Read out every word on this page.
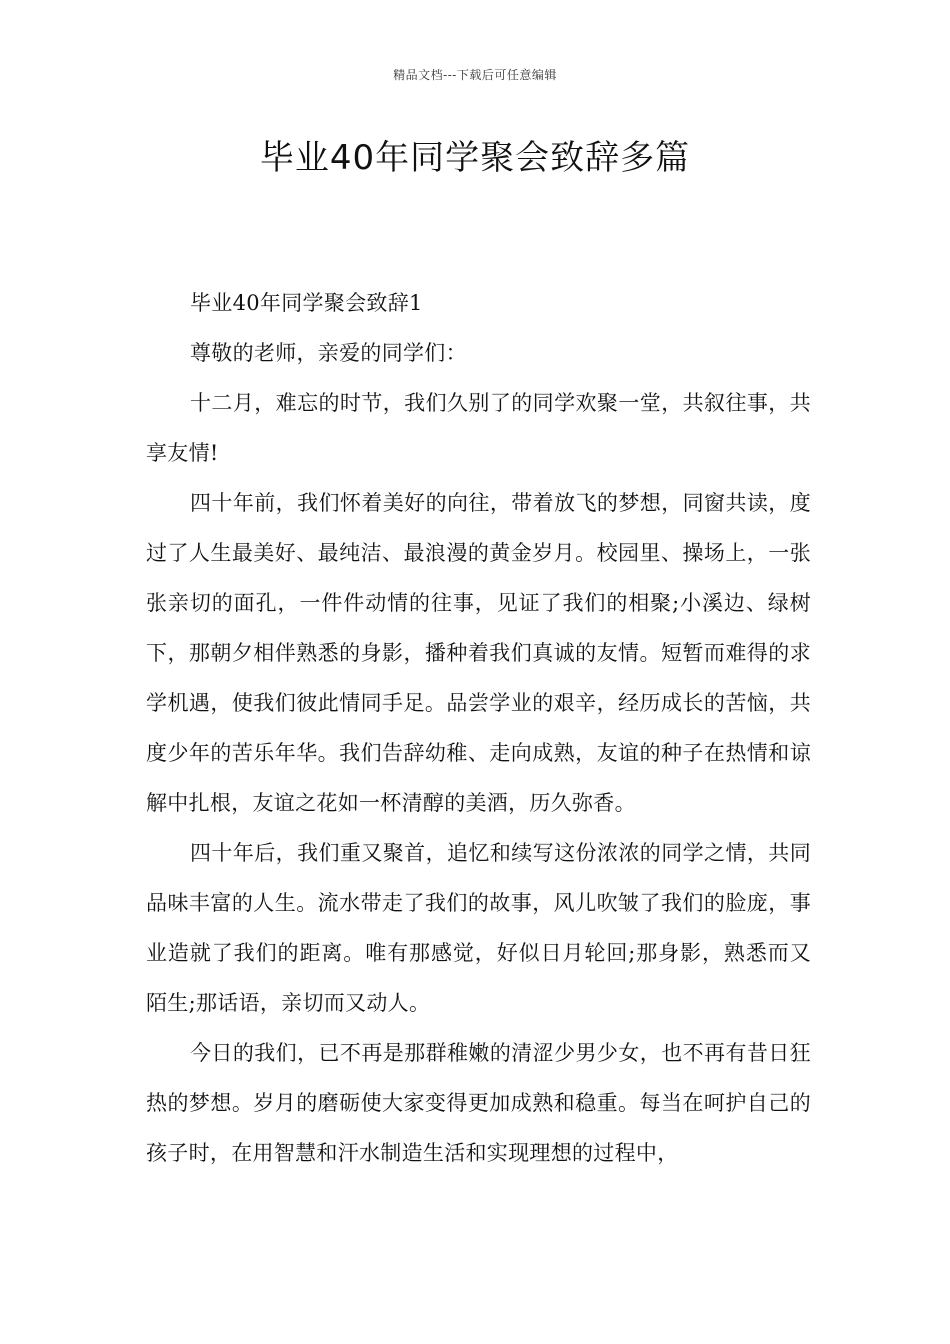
精品文档---下载后可任意编辑
毕业40年同学聚会致辞多篇

毕业40年同学聚会致辞1

尊敬的老师，亲爱的同学们：

十二月，难忘的时节，我们久别了的同学欢聚一堂，共叙往事，共享友情!

四十年前，我们怀着美好的向往，带着放飞的梦想，同窗共读，度过了人生最美好、最纯洁、最浪漫的黄金岁月。校园里、操场上，一张张亲切的面孔，一件件动情的往事，见证了我们的相聚;小溪边、绿树下，那朝夕相伴熟悉的身影，播种着我们真诚的友情。短暂而难得的求学机遇，使我们彼此情同手足。品尝学业的艰辛，经历成长的苦恼，共度少年的苦乐年华。我们告辞幼稚、走向成熟，友谊的种子在热情和谅解中扎根，友谊之花如一杯清醇的美酒，历久弥香。

四十年后，我们重又聚首，追忆和续写这份浓浓的同学之情，共同品味丰富的人生。流水带走了我们的故事，风儿吹皱了我们的脸庞，事业造就了我们的距离。唯有那感觉，好似日月轮回;那身影，熟悉而又陌生;那话语，亲切而又动人。

今日的我们，已不再是那群稚嫩的清涩少男少女，也不再有昔日狂热的梦想。岁月的磨砺使大家变得更加成熟和稳重。每当在呵护自己的孩子时，在用智慧和汗水制造生活和实现理想的过程中，
